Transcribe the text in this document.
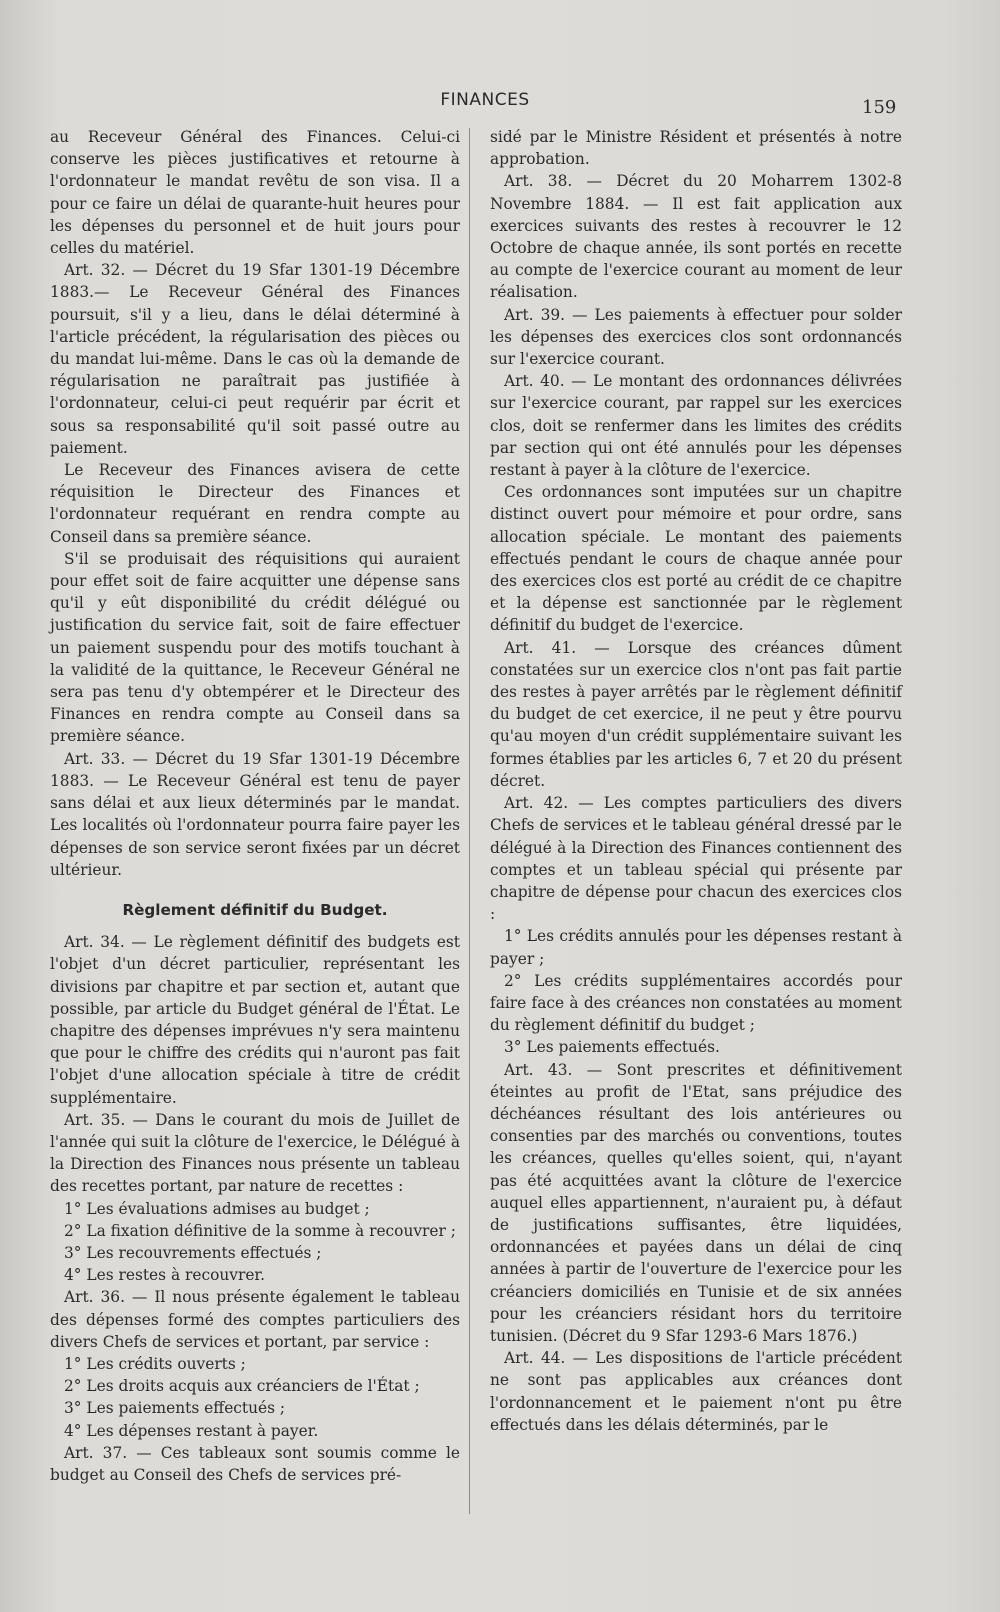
FINANCES	159

au Receveur Général des Finances. Celui-ci conserve les pièces justificatives et retourne à l'ordonnateur le mandat revêtu de son visa. Il a pour ce faire un délai de quarante-huit heures pour les dépenses du personnel et de huit jours pour celles du matériel.

Art. 32. — Décret du 19 Sfar 1301-19 Décembre 1883.— Le Receveur Général des Finances poursuit, s'il y a lieu, dans le délai déterminé à l'article précédent, la régularisation des pièces ou du mandat lui-même. Dans le cas où la demande de régularisation ne paraîtrait pas justifiée à l'ordonnateur, celui-ci peut requérir par écrit et sous sa responsabilité qu'il soit passé outre au paiement.

Le Receveur des Finances avisera de cette réquisition le Directeur des Finances et l'ordonnateur requérant en rendra compte au Conseil dans sa première séance.

S'il se produisait des réquisitions qui auraient pour effet soit de faire acquitter une dépense sans qu'il y eût disponibilité du crédit délégué ou justification du service fait, soit de faire effectuer un paiement suspendu pour des motifs touchant à la validité de la quittance, le Receveur Général ne sera pas tenu d'y obtempérer et le Directeur des Finances en rendra compte au Conseil dans sa première séance.

Art. 33. — Décret du 19 Sfar 1301-19 Décembre 1883. — Le Receveur Général est tenu de payer sans délai et aux lieux déterminés par le mandat. Les localités où l'ordonnateur pourra faire payer les dépenses de son service seront fixées par un décret ultérieur.

Règlement définitif du Budget.

Art. 34. — Le règlement définitif des budgets est l'objet d'un décret particulier, représentant les divisions par chapitre et par section et, autant que possible, par article du Budget général de l'État. Le chapitre des dépenses imprévues n'y sera maintenu que pour le chiffre des crédits qui n'auront pas fait l'objet d'une allocation spéciale à titre de crédit supplémentaire.

Art. 35. — Dans le courant du mois de Juillet de l'année qui suit la clôture de l'exercice, le Délégué à la Direction des Finances nous présente un tableau des recettes portant, par nature de recettes :

1° Les évaluations admises au budget ;

2° La fixation définitive de la somme à recouvrer ;

3° Les recouvrements effectués ;

4° Les restes à recouvrer.

Art. 36. — Il nous présente également le tableau des dépenses formé des comptes particuliers des divers Chefs de services et portant, par service :

1° Les crédits ouverts ;

2° Les droits acquis aux créanciers de l'État ;

3° Les paiements effectués ;

4° Les dépenses restant à payer.

Art. 37. — Ces tableaux sont soumis comme le budget au Conseil des Chefs de services pré-

sidé par le Ministre Résident et présentés à notre approbation.

Art. 38. — Décret du 20 Moharrem 1302-8 Novembre 1884. — Il est fait application aux exercices suivants des restes à recouvrer le 12 Octobre de chaque année, ils sont portés en recette au compte de l'exercice courant au moment de leur réalisation.

Art. 39. — Les paiements à effectuer pour solder les dépenses des exercices clos sont ordonnancés sur l'exercice courant.

Art. 40. — Le montant des ordonnances délivrées sur l'exercice courant, par rappel sur les exercices clos, doit se renfermer dans les limites des crédits par section qui ont été annulés pour les dépenses restant à payer à la clôture de l'exercice.

Ces ordonnances sont imputées sur un chapitre distinct ouvert pour mémoire et pour ordre, sans allocation spéciale. Le montant des paiements effectués pendant le cours de chaque année pour des exercices clos est porté au crédit de ce chapitre et la dépense est sanctionnée par le règlement définitif du budget de l'exercice.

Art. 41. — Lorsque des créances dûment constatées sur un exercice clos n'ont pas fait partie des restes à payer arrêtés par le règlement définitif du budget de cet exercice, il ne peut y être pourvu qu'au moyen d'un crédit supplémentaire suivant les formes établies par les articles 6, 7 et 20 du présent décret.

Art. 42. — Les comptes particuliers des divers Chefs de services et le tableau général dressé par le délégué à la Direction des Finances contiennent des comptes et un tableau spécial qui présente par chapitre de dépense pour chacun des exercices clos :

1° Les crédits annulés pour les dépenses restant à payer ;

2° Les crédits supplémentaires accordés pour faire face à des créances non constatées au moment du règlement définitif du budget ;

3° Les paiements effectués.

Art. 43. — Sont prescrites et définitivement éteintes au profit de l'Etat, sans préjudice des déchéances résultant des lois antérieures ou consenties par des marchés ou conventions, toutes les créances, quelles qu'elles soient, qui, n'ayant pas été acquittées avant la clôture de l'exercice auquel elles appartiennent, n'auraient pu, à défaut de justifications suffisantes, être liquidées, ordonnancées et payées dans un délai de cinq années à partir de l'ouverture de l'exercice pour les créanciers domiciliés en Tunisie et de six années pour les créanciers résidant hors du territoire tunisien. (Décret du 9 Sfar 1293-6 Mars 1876.)

Art. 44. — Les dispositions de l'article précédent ne sont pas applicables aux créances dont l'ordonnancement et le paiement n'ont pu être effectués dans les délais déterminés, par le
